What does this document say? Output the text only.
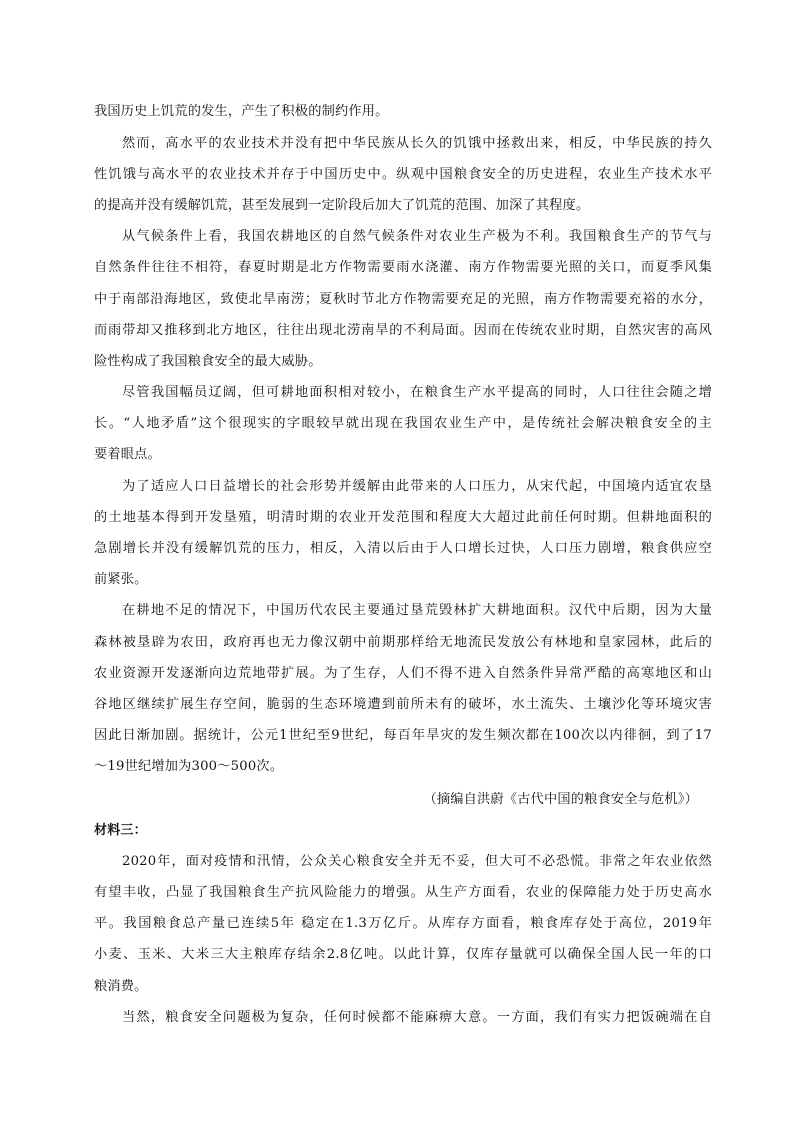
我国历史上饥荒的发生，产生了积极的制约作用。
然而，高水平的农业技术并没有把中华民族从长久的饥饿中拯救出来，相反，中华民族的持久
性饥饿与高水平的农业技术并存于中国历史中。纵观中国粮食安全的历史进程，农业生产技术水平
的提高并没有缓解饥荒，甚至发展到一定阶段后加大了饥荒的范围、加深了其程度。
从气候条件上看，我国农耕地区的自然气候条件对农业生产极为不利。我国粮食生产的节气与
自然条件往往不相符，春夏时期是北方作物需要雨水浇灌、南方作物需要光照的关口，而夏季风集
中于南部沿海地区，致使北旱南涝；夏秋时节北方作物需要充足的光照，南方作物需要充裕的水分，
而雨带却又推移到北方地区，往往出现北涝南旱的不利局面。因而在传统农业时期，自然灾害的高风
险性构成了我国粮食安全的最大威胁。
尽管我国幅员辽阔，但可耕地面积相对较小，在粮食生产水平提高的同时，人口往往会随之增
长。“人地矛盾”这个很现实的字眼较早就出现在我国农业生产中，是传统社会解决粮食安全的主
要着眼点。
为了适应人口日益增长的社会形势并缓解由此带来的人口压力，从宋代起，中国境内适宜农垦
的土地基本得到开发垦殖，明清时期的农业开发范围和程度大大超过此前任何时期。但耕地面积的
急剧增长并没有缓解饥荒的压力，相反，入清以后由于人口增长过快，人口压力剧增，粮食供应空
前紧张。
在耕地不足的情况下，中国历代农民主要通过垦荒毁林扩大耕地面积。汉代中后期，因为大量
森林被垦辟为农田，政府再也无力像汉朝中前期那样给无地流民发放公有林地和皇家园林，此后的
农业资源开发逐渐向边荒地带扩展。为了生存，人们不得不进入自然条件异常严酷的高寒地区和山
谷地区继续扩展生存空间，脆弱的生态环境遭到前所未有的破坏，水土流失、土壤沙化等环境灾害
因此日渐加剧。据统计，公元1世纪至9世纪，每百年旱灾的发生频次都在100次以内徘徊，到了17
～19世纪增加为300～500次。
（摘编自洪蔚《古代中国的粮食安全与危机》）
材料三：
2020年，面对疫情和汛情，公众关心粮食安全并无不妥，但大可不必恐慌。非常之年农业依然
有望丰收，凸显了我国粮食生产抗风险能力的增强。从生产方面看，农业的保障能力处于历史高水
平。我国粮食总产量已连续5年 稳定在1.3万亿斤。从库存方面看，粮食库存处于高位，2019年
小麦、玉米、大米三大主粮库存结余2.8亿吨。以此计算，仅库存量就可以确保全国人民一年的口
粮消费。
当然，粮食安全问题极为复杂，任何时候都不能麻痹大意。一方面，我们有实力把饭碗端在自
